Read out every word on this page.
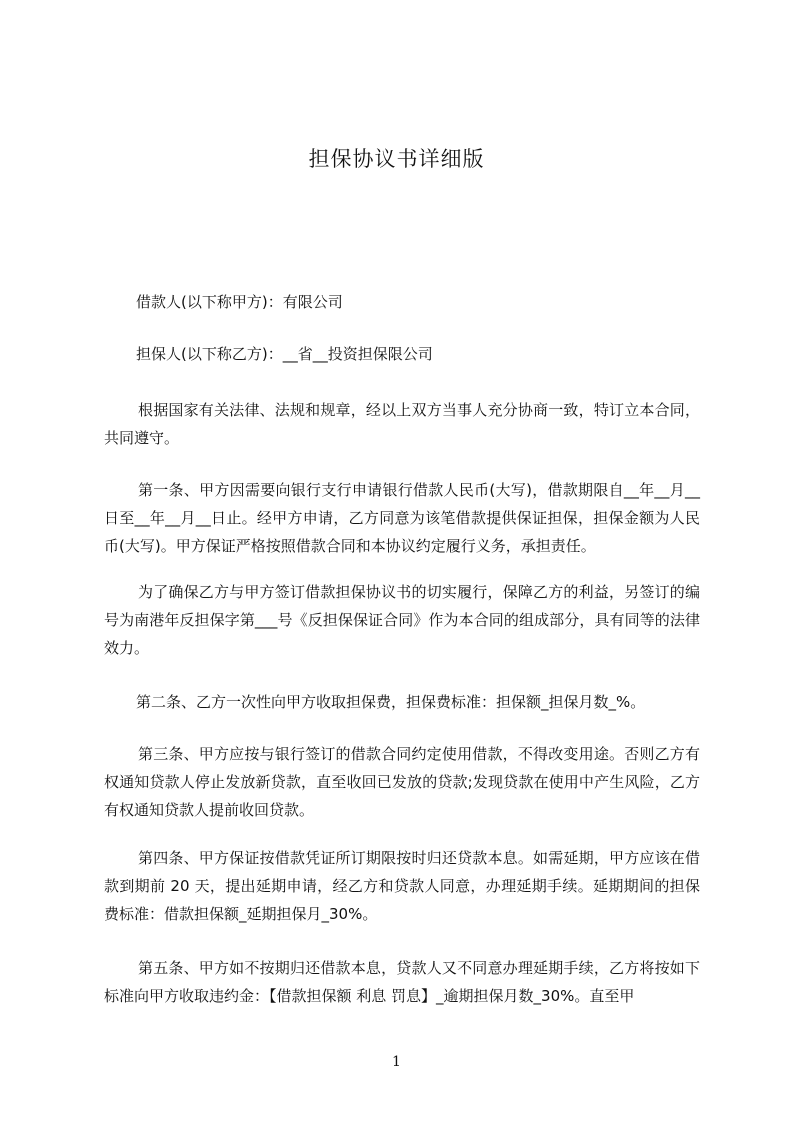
担保协议书详细版
借款人(以下称甲方)：有限公司
担保人(以下称乙方)：__省__投资担保限公司
根据国家有关法律、法规和规章，经以上双方当事人充分协商一致，特订立本合同，共同遵守。
第一条、甲方因需要向银行支行申请银行借款人民币(大写)，借款期限自__年__月__日至__年__月__日止。经甲方申请，乙方同意为该笔借款提供保证担保，担保金额为人民币(大写)。甲方保证严格按照借款合同和本协议约定履行义务，承担责任。
为了确保乙方与甲方签订借款担保协议书的切实履行，保障乙方的利益，另签订的编号为南港年反担保字第___号《反担保保证合同》作为本合同的组成部分，具有同等的法律效力。
第二条、乙方一次性向甲方收取担保费，担保费标准：担保额_担保月数_%。
第三条、甲方应按与银行签订的借款合同约定使用借款，不得改变用途。否则乙方有权通知贷款人停止发放新贷款，直至收回已发放的贷款;发现贷款在使用中产生风险，乙方有权通知贷款人提前收回贷款。
第四条、甲方保证按借款凭证所订期限按时归还贷款本息。如需延期，甲方应该在借款到期前 20 天，提出延期申请，经乙方和贷款人同意，办理延期手续。延期期间的担保费标准：借款担保额_延期担保月_30%。
第五条、甲方如不按期归还借款本息，贷款人又不同意办理延期手续，乙方将按如下标准向甲方收取违约金：【借款担保额 利息 罚息】_逾期担保月数_30%。直至甲
1
